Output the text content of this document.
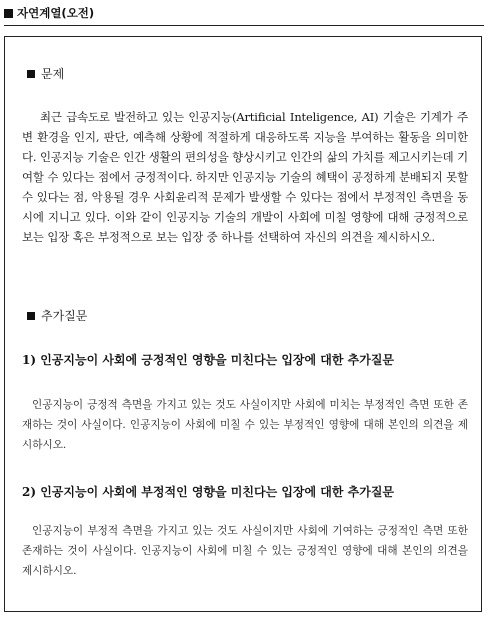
자연계열(오전)
문제

최근 급속도로 발전하고 있는 인공지능(Artificial Inteligence, AI) 기술은 기계가 주변 환경을 인지, 판단, 예측해 상황에 적절하게 대응하도록 지능을 부여하는 활동을 의미한다. 인공지능 기술은 인간 생활의 편의성을 향상시키고 인간의 삶의 가치를 제고시키는데 기여할 수 있다는 점에서 긍정적이다. 하지만 인공지능 기술의 혜택이 공정하게 분배되지 못할 수 있다는 점, 악용될 경우 사회윤리적 문제가 발생할 수 있다는 점에서 부정적인 측면을 동시에 지니고 있다. 이와 같이 인공지능 기술의 개발이 사회에 미칠 영향에 대해 긍정적으로 보는 입장 혹은 부정적으로 보는 입장 중 하나를 선택하여 자신의 의견을 제시하시오.

추가질문
1) 인공지능이 사회에 긍정적인 영향을 미친다는 입장에 대한 추가질문

인공지능이 긍정적 측면을 가지고 있는 것도 사실이지만 사회에 미치는 부정적인 측면 또한 존재하는 것이 사실이다. 인공지능이 사회에 미칠 수 있는 부정적인 영향에 대해 본인의 의견을 제시하시오.

2) 인공지능이 사회에 부정적인 영향을 미친다는 입장에 대한 추가질문

인공지능이 부정적 측면을 가지고 있는 것도 사실이지만 사회에 기여하는 긍정적인 측면 또한 존재하는 것이 사실이다. 인공지능이 사회에 미칠 수 있는 긍정적인 영향에 대해 본인의 의견을 제시하시오.
